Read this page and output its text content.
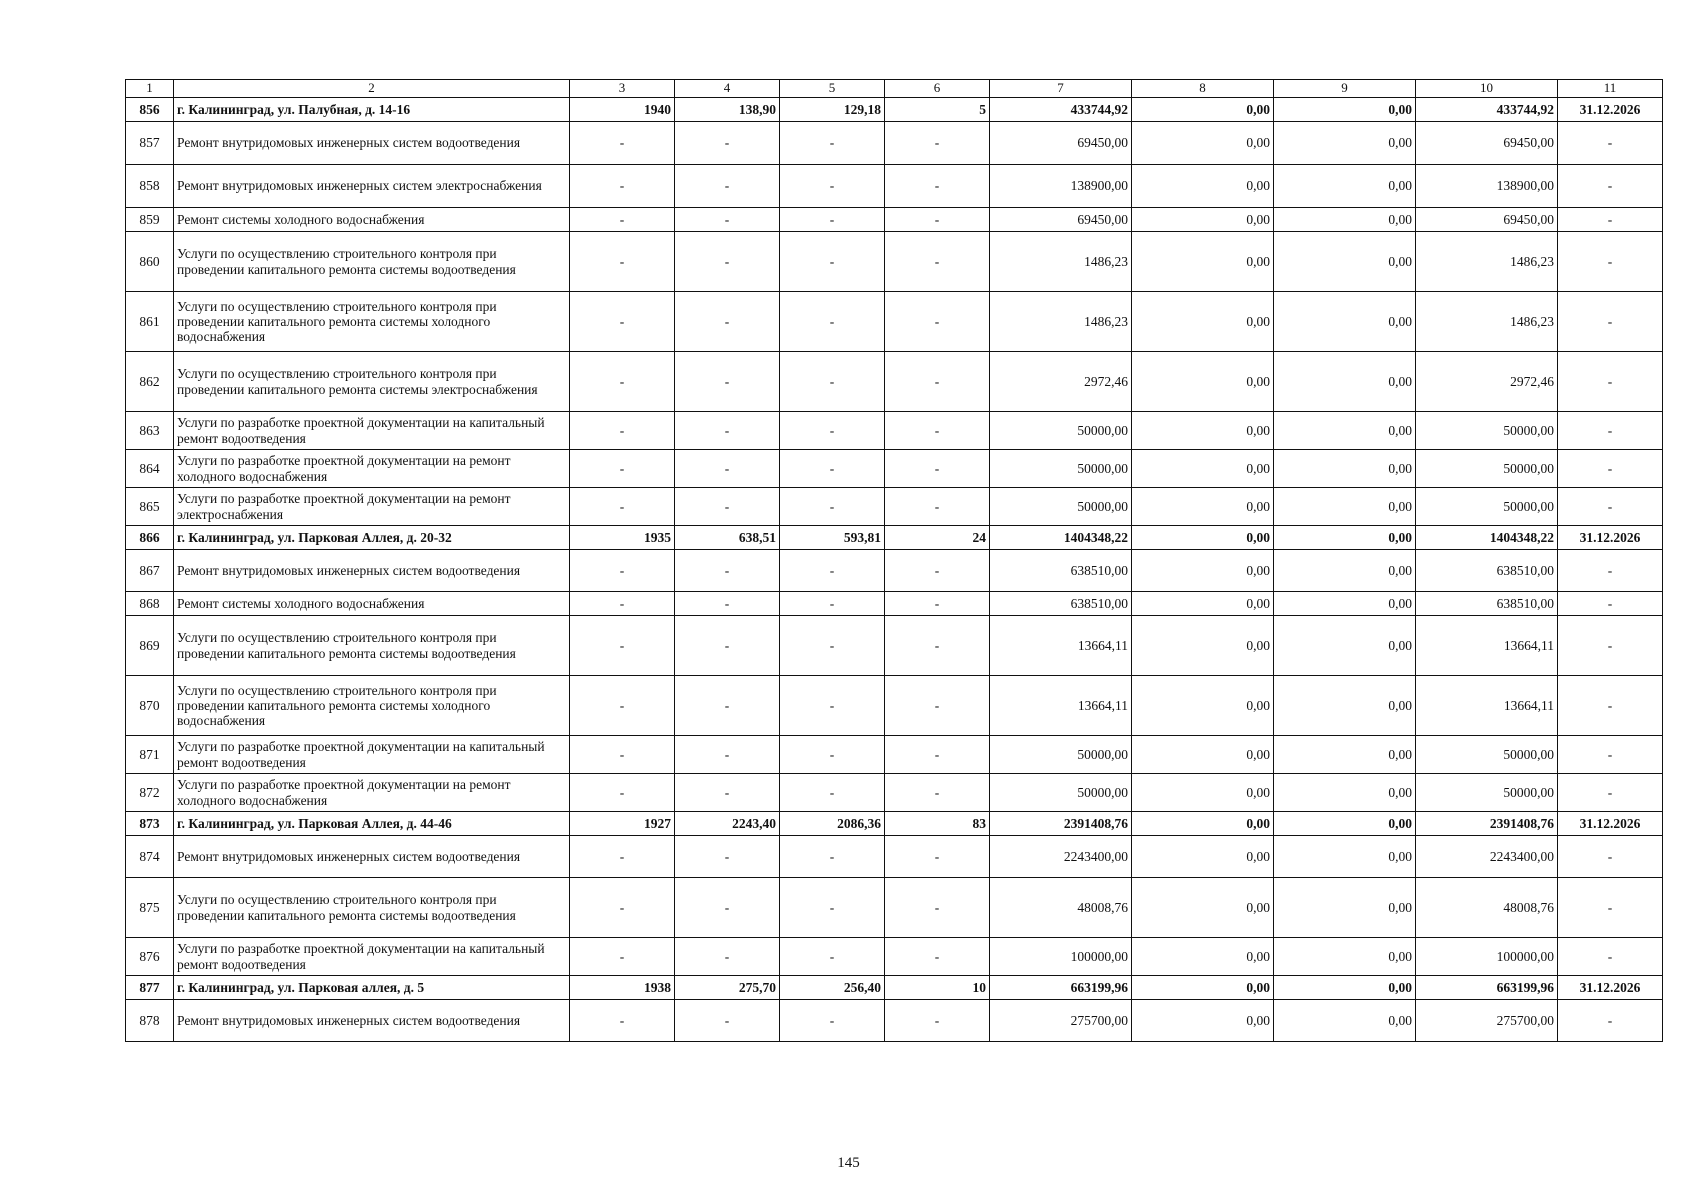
1	2	3	4	5	6	7	8	9	10	11
856	г. Калининград, ул. Палубная, д. 14-16	1940	138,90	129,18	5	433744,92	0,00	0,00	433744,92	31.12.2026
857	Ремонт внутридомовых инженерных систем водоотведения	-	-	-	-	69450,00	0,00	0,00	69450,00	-
858	Ремонт внутридомовых инженерных систем электроснабжения	-	-	-	-	138900,00	0,00	0,00	138900,00	-
859	Ремонт системы холодного водоснабжения	-	-	-	-	69450,00	0,00	0,00	69450,00	-
860	Услуги по осуществлению строительного контроля при проведении капитального ремонта системы водоотведения	-	-	-	-	1486,23	0,00	0,00	1486,23	-
861	Услуги по осуществлению строительного контроля при проведении капитального ремонта системы холодного водоснабжения	-	-	-	-	1486,23	0,00	0,00	1486,23	-
862	Услуги по осуществлению строительного контроля при проведении капитального ремонта системы электроснабжения	-	-	-	-	2972,46	0,00	0,00	2972,46	-
863	Услуги по разработке проектной документации на капитальный ремонт водоотведения	-	-	-	-	50000,00	0,00	0,00	50000,00	-
864	Услуги по разработке проектной документации на ремонт холодного водоснабжения	-	-	-	-	50000,00	0,00	0,00	50000,00	-
865	Услуги по разработке проектной документации на ремонт электроснабжения	-	-	-	-	50000,00	0,00	0,00	50000,00	-
866	г. Калининград, ул. Парковая Аллея, д. 20-32	1935	638,51	593,81	24	1404348,22	0,00	0,00	1404348,22	31.12.2026
867	Ремонт внутридомовых инженерных систем водоотведения	-	-	-	-	638510,00	0,00	0,00	638510,00	-
868	Ремонт системы холодного водоснабжения	-	-	-	-	638510,00	0,00	0,00	638510,00	-
869	Услуги по осуществлению строительного контроля при проведении капитального ремонта системы водоотведения	-	-	-	-	13664,11	0,00	0,00	13664,11	-
870	Услуги по осуществлению строительного контроля при проведении капитального ремонта системы холодного водоснабжения	-	-	-	-	13664,11	0,00	0,00	13664,11	-
871	Услуги по разработке проектной документации на капитальный ремонт водоотведения	-	-	-	-	50000,00	0,00	0,00	50000,00	-
872	Услуги по разработке проектной документации на ремонт холодного водоснабжения	-	-	-	-	50000,00	0,00	0,00	50000,00	-
873	г. Калининград, ул. Парковая Аллея, д. 44-46	1927	2243,40	2086,36	83	2391408,76	0,00	0,00	2391408,76	31.12.2026
874	Ремонт внутридомовых инженерных систем водоотведения	-	-	-	-	2243400,00	0,00	0,00	2243400,00	-
875	Услуги по осуществлению строительного контроля при проведении капитального ремонта системы водоотведения	-	-	-	-	48008,76	0,00	0,00	48008,76	-
876	Услуги по разработке проектной документации на капитальный ремонт водоотведения	-	-	-	-	100000,00	0,00	0,00	100000,00	-
877	г. Калининград, ул. Парковая аллея, д. 5	1938	275,70	256,40	10	663199,96	0,00	0,00	663199,96	31.12.2026
878	Ремонт внутридомовых инженерных систем водоотведения	-	-	-	-	275700,00	0,00	0,00	275700,00	-
145
